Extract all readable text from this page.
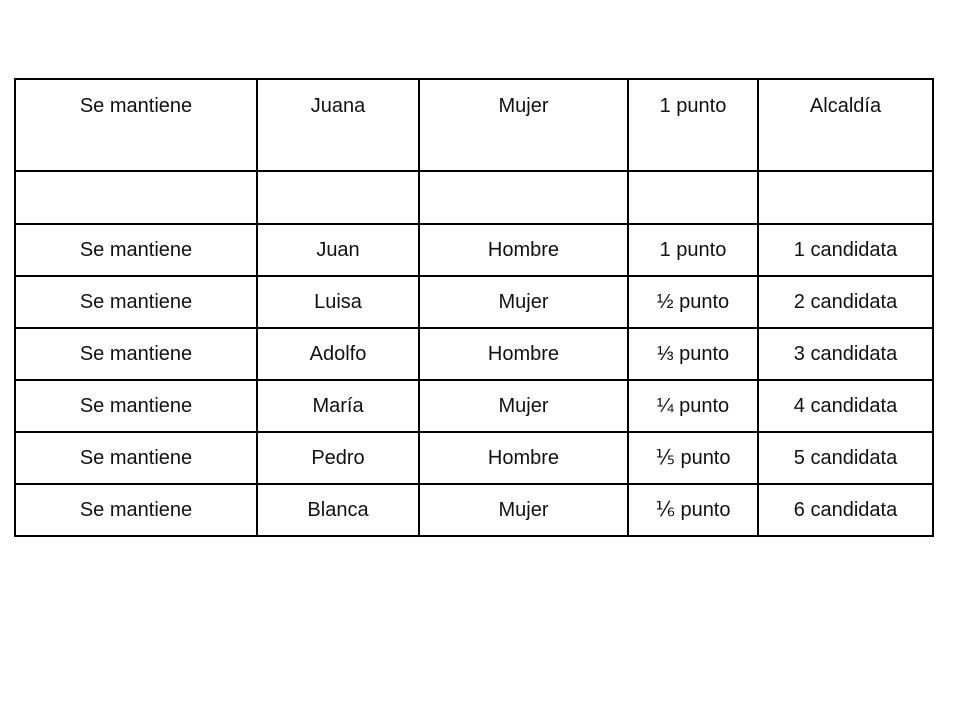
Se mantiene	Juana	Mujer	1 punto	Alcaldía

Se mantiene	Juan	Hombre	1 punto	1 candidata
Se mantiene	Luisa	Mujer	½ punto	2 candidata
Se mantiene	Adolfo	Hombre	⅓ punto	3 candidata
Se mantiene	María	Mujer	¼ punto	4 candidata
Se mantiene	Pedro	Hombre	⅕ punto	5 candidata
Se mantiene	Blanca	Mujer	⅙ punto	6 candidata
